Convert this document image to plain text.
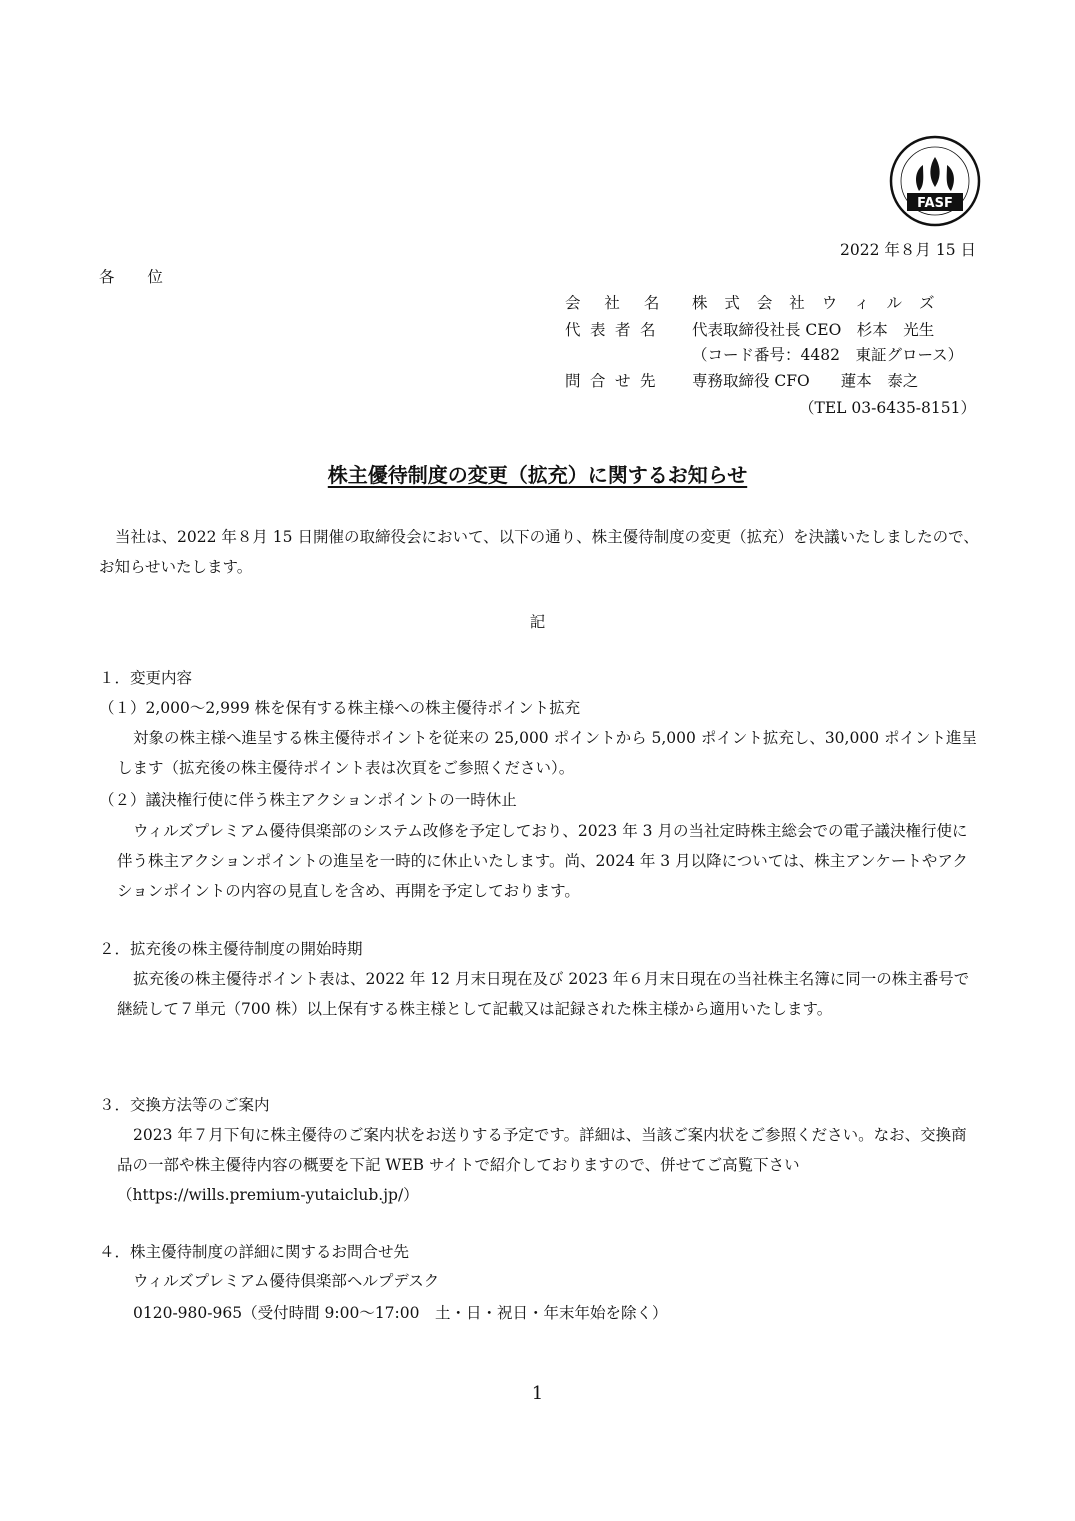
FASF
2022 年８月 15 日
各 位
会 社 名 株 式 会 社 ウ ィ ル ズ
代表者名 代表取締役社長 CEO　杉本　光生
（コード番号：4482　東証グロース）
問合せ先 専務取締役 CFO　　蓮本　泰之
（TEL 03-6435-8151）
株主優待制度の変更（拡充）に関するお知らせ
当社は、2022 年８月 15 日開催の取締役会において、以下の通り、株主優待制度の変更（拡充）を決議いたしましたので、お知らせいたします。
記
１．変更内容
（１）2,000〜2,999 株を保有する株主様への株主優待ポイント拡充
対象の株主様へ進呈する株主優待ポイントを従来の 25,000 ポイントから 5,000 ポイント拡充し、30,000 ポイント進呈します（拡充後の株主優待ポイント表は次頁をご参照ください）。
（２）議決権行使に伴う株主アクションポイントの一時休止
ウィルズプレミアム優待倶楽部のシステム改修を予定しており、2023 年 3 月の当社定時株主総会での電子議決権行使に伴う株主アクションポイントの進呈を一時的に休止いたします。尚、2024 年 3 月以降については、株主アンケートやアクションポイントの内容の見直しを含め、再開を予定しております。
２．拡充後の株主優待制度の開始時期
拡充後の株主優待ポイント表は、2022 年 12 月末日現在及び 2023 年６月末日現在の当社株主名簿に同一の株主番号で継続して７単元（700 株）以上保有する株主様として記載又は記録された株主様から適用いたします。
３．交換方法等のご案内
2023 年７月下旬に株主優待のご案内状をお送りする予定です。詳細は、当該ご案内状をご参照ください。なお、交換商品の一部や株主優待内容の概要を下記 WEB サイトで紹介しておりますので、併せてご高覧下さい（https://wills.premium-yutaiclub.jp/）
４．株主優待制度の詳細に関するお問合せ先
ウィルズプレミアム優待倶楽部ヘルプデスク
0120-980-965（受付時間 9:00〜17:00　土・日・祝日・年末年始を除く）
1
